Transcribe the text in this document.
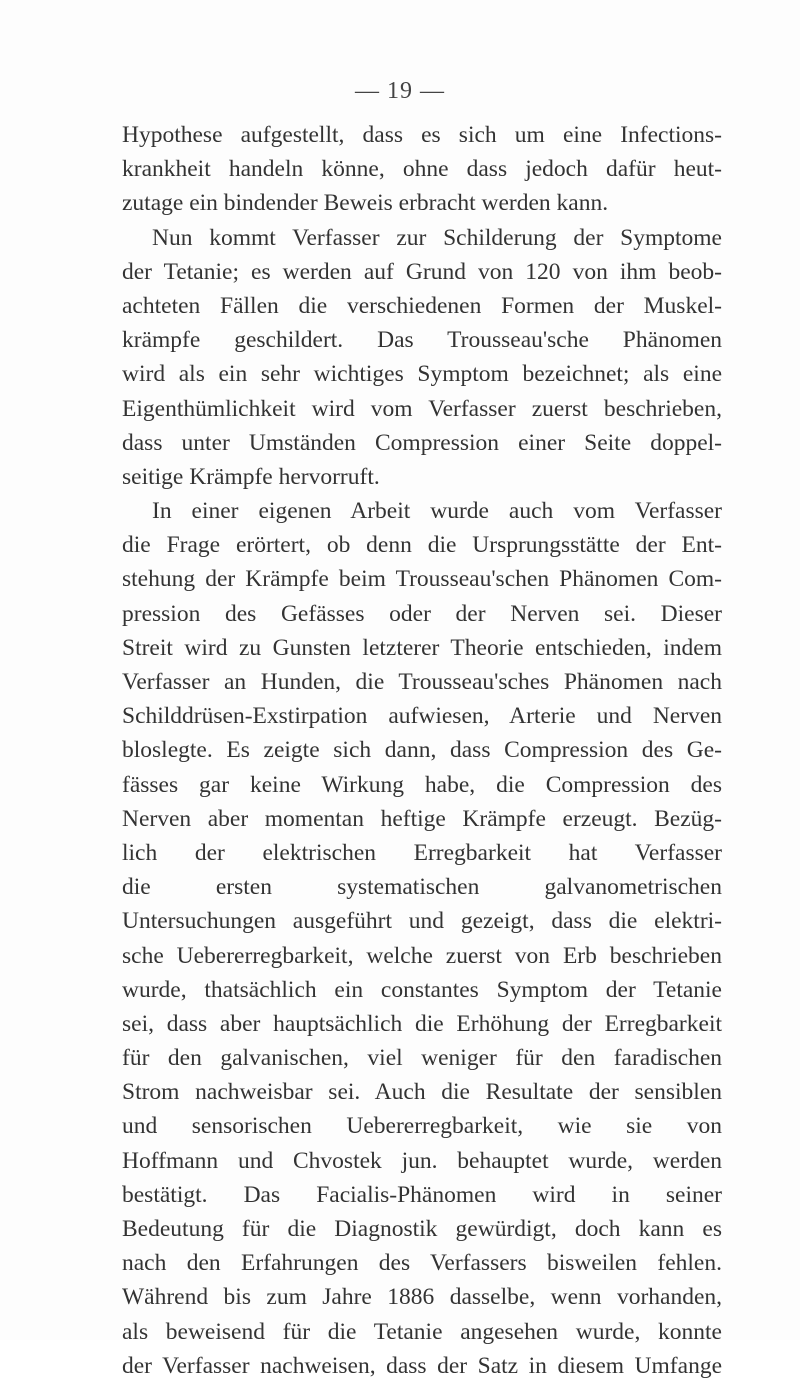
— 19 —
Hypothese aufgestellt, dass es sich um eine Infections-
krankheit handeln könne, ohne dass jedoch dafür heut-
zutage ein bindender Beweis erbracht werden kann.
Nun kommt Verfasser zur Schilderung der Symptome
der Tetanie; es werden auf Grund von 120 von ihm beob-
achteten Fällen die verschiedenen Formen der Muskel-
krämpfe geschildert. Das Trousseau'sche Phänomen
wird als ein sehr wichtiges Symptom bezeichnet; als eine
Eigenthümlichkeit wird vom Verfasser zuerst beschrieben,
dass unter Umständen Compression einer Seite doppel-
seitige Krämpfe hervorruft.
In einer eigenen Arbeit wurde auch vom Verfasser
die Frage erörtert, ob denn die Ursprungsstätte der Ent-
stehung der Krämpfe beim Trousseau'schen Phänomen Com-
pression des Gefässes oder der Nerven sei. Dieser
Streit wird zu Gunsten letzterer Theorie entschieden, indem
Verfasser an Hunden, die Trousseau'sches Phänomen nach
Schilddrüsen-Exstirpation aufwiesen, Arterie und Nerven
bloslegte. Es zeigte sich dann, dass Compression des Ge-
fässes gar keine Wirkung habe, die Compression des
Nerven aber momentan heftige Krämpfe erzeugt. Bezüg-
lich der elektrischen Erregbarkeit hat Verfasser
die ersten systematischen galvanometrischen
Untersuchungen ausgeführt und gezeigt, dass die elektri-
sche Uebererregbarkeit, welche zuerst von Erb beschrieben
wurde, thatsächlich ein constantes Symptom der Tetanie
sei, dass aber hauptsächlich die Erhöhung der Erregbarkeit
für den galvanischen, viel weniger für den faradischen
Strom nachweisbar sei. Auch die Resultate der sensiblen
und sensorischen Uebererregbarkeit, wie sie von
Hoffmann und Chvostek jun. behauptet wurde, werden
bestätigt. Das Facialis-Phänomen wird in seiner
Bedeutung für die Diagnostik gewürdigt, doch kann es
nach den Erfahrungen des Verfassers bisweilen fehlen.
Während bis zum Jahre 1886 dasselbe, wenn vorhanden,
als beweisend für die Tetanie angesehen wurde, konnte
der Verfasser nachweisen, dass der Satz in diesem Umfange
